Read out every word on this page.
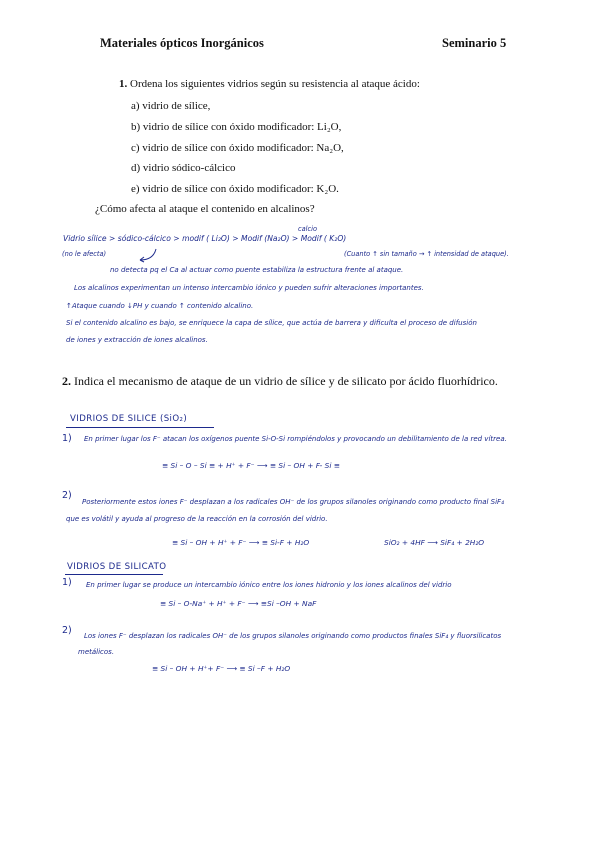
Materiales ópticos Inorgánicos	Seminario 5
1. Ordena los siguientes vidrios según su resistencia al ataque ácido:
a) vidrio de sílice,
b) vidrio de sílice con óxido modificador: Li₂O,
c) vidrio de sílice con óxido modificador: Na₂O,
d) vidrio sódico-cálcico
e) vidrio de sílice con óxido modificador: K₂O.
¿Cómo afecta al ataque el contenido en alcalinos?
Vidrio sílice > sódico-cálcico > modif ( Li₂O) > Modif (Na₂O) > Modif ( K₂O)
calcio
(no le afecta)	(Cuanto ↑ sin tamaño → ↑ intensidad de ataque).
no detecta pq el Ca al actuar como puente estabiliza la estructura frente al ataque.
Los alcalinos experimentan un intenso intercambio iónico y pueden sufrir alteraciones importantes.
↑Ataque cuando ↓PH y cuando ↑ contenido alcalino.
Si el contenido alcalino es bajo, se enriquece la capa de sílice, que actúa de barrera y dificulta el proceso de difusión
de iones y extracción de iones alcalinos.
2. Indica el mecanismo de ataque de un vidrio de sílice y de silicato por ácido fluorhídrico.
VIDRIOS DE SILICE (SiO₂)
1) En primer lugar los F⁻ atacan los oxígenos puente Si-O-Si rompiéndolos y provocando un debilitamiento de la red vítrea.
≡ Si – O – Si ≡ + H⁺ + F⁻ ⟶ ≡ Si – OH + F- Si ≡
2)
Posteriormente estos iones F⁻ desplazan a los radicales OH⁻ de los grupos silanoles originando como producto final SiF₄
que es volátil y ayuda al progreso de la reacción en la corrosión del vidrio.
≡ Si – OH + H⁺ + F⁻ ⟶ ≡ Si-F + H₂O	SiO₂ + 4HF ⟶ SiF₄ + 2H₂O
VIDRIOS DE SILICATO
1) En primer lugar se produce un intercambio iónico entre los iones hidronio y los iones alcalinos del vidrio
≡ Si – O-Na⁺ + H⁺ + F⁻ ⟶ ≡Si –OH + NaF
2) Los iones F⁻ desplazan los radicales OH⁻ de los grupos silanoles originando como productos finales SiF₄ y fluorsilicatos
metálicos.
≡ Si – OH + H⁺+ F⁻ ⟶ ≡ Si –F + H₂O
